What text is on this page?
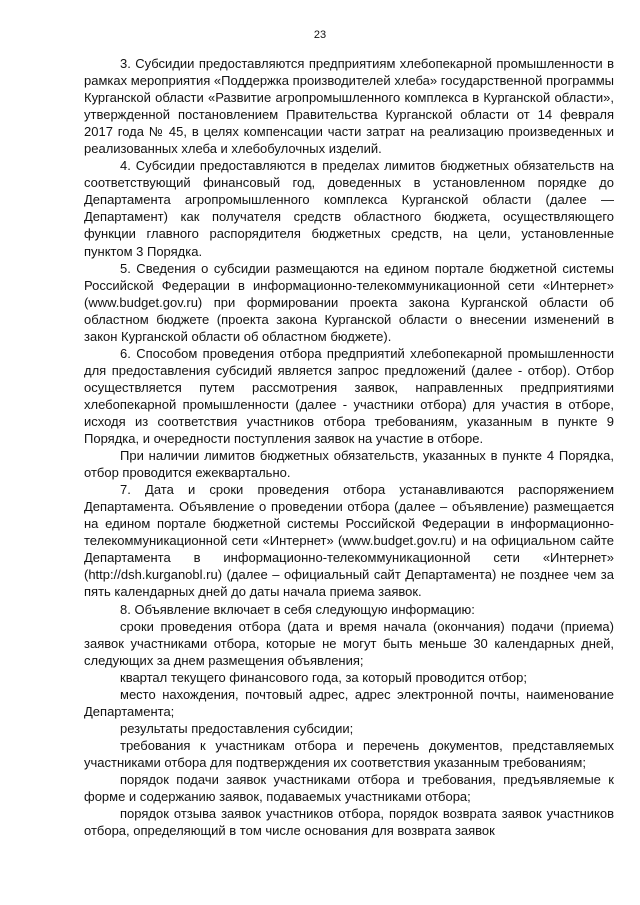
23

3. Субсидии предоставляются предприятиям хлебопекарной промышленности в рамках мероприятия «Поддержка производителей хлеба» государственной программы Курганской области «Развитие агропромышленного комплекса в Курганской области», утвержденной постановлением Правительства Курганской области от 14 февраля 2017 года № 45, в целях компенсации части затрат на реализацию произведенных и реализованных хлеба и хлебобулочных изделий.

4. Субсидии предоставляются в пределах лимитов бюджетных обязательств на соответствующий финансовый год, доведенных в установленном порядке до Департамента агропромышленного комплекса Курганской области (далее — Департамент) как получателя средств областного бюджета, осуществляющего функции главного распорядителя бюджетных средств, на цели, установленные пунктом 3 Порядка.

5. Сведения о субсидии размещаются на едином портале бюджетной системы Российской Федерации в информационно-телекоммуникационной сети «Интернет» (www.budget.gov.ru) при формировании проекта закона Курганской области об областном бюджете (проекта закона Курганской области о внесении изменений в закон Курганской области об областном бюджете).

6. Способом проведения отбора предприятий хлебопекарной промышленности для предоставления субсидий является запрос предложений (далее - отбор). Отбор осуществляется путем рассмотрения заявок, направленных предприятиями хлебопекарной промышленности (далее - участники отбора) для участия в отборе, исходя из соответствия участников отбора требованиям, указанным в пункте 9 Порядка, и очередности поступления заявок на участие в отборе.

При наличии лимитов бюджетных обязательств, указанных в пункте 4 Порядка, отбор проводится ежеквартально.

7. Дата и сроки проведения отбора устанавливаются распоряжением Департамента. Объявление о проведении отбора (далее – объявление) размещается на едином портале бюджетной системы Российской Федерации в информационно-телекоммуникационной сети «Интернет» (www.budget.gov.ru) и на официальном сайте Департамента в информационно-телекоммуникационной сети «Интернет» (http://dsh.kurganobl.ru) (далее – официальный сайт Департамента) не позднее чем за пять календарных дней до даты начала приема заявок.

8. Объявление включает в себя следующую информацию:

сроки проведения отбора (дата и время начала (окончания) подачи (приема) заявок участниками отбора, которые не могут быть меньше 30 календарных дней, следующих за днем размещения объявления;

квартал текущего финансового года, за который проводится отбор;

место нахождения, почтовый адрес, адрес электронной почты, наименование Департамента;

результаты предоставления субсидии;

требования к участникам отбора и перечень документов, представляемых участниками отбора для подтверждения их соответствия указанным требованиям;

порядок подачи заявок участниками отбора и требования, предъявляемые к форме и содержанию заявок, подаваемых участниками отбора;

порядок отзыва заявок участников отбора, порядок возврата заявок участников отбора, определяющий в том числе основания для возврата заявок
